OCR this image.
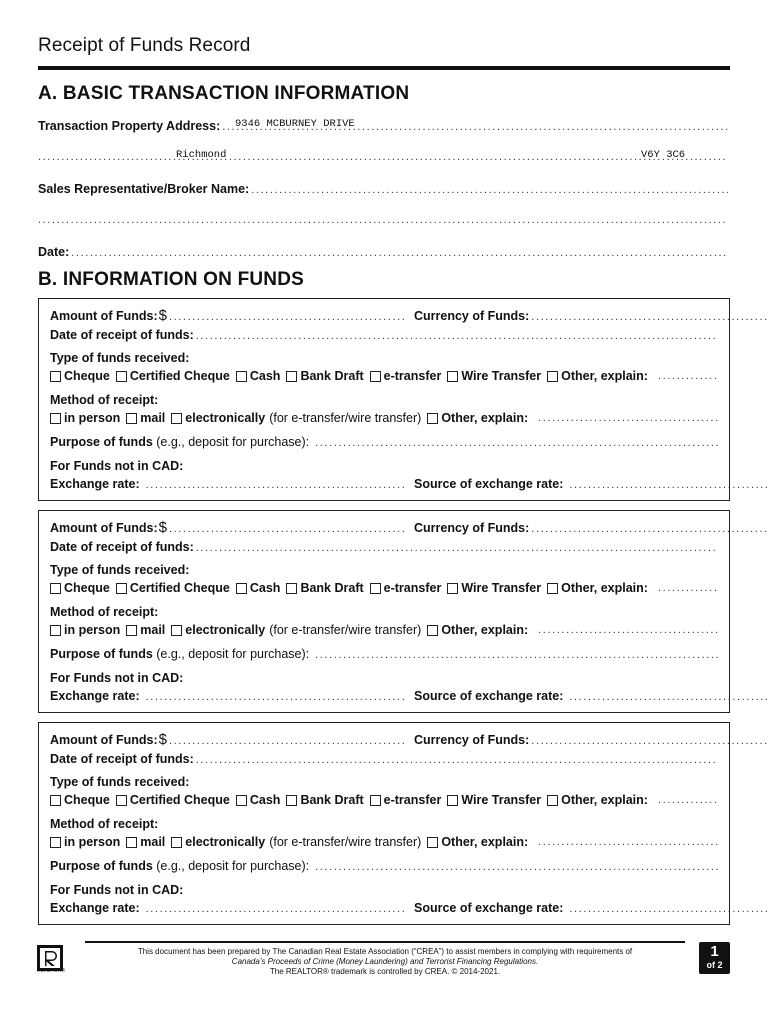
Receipt of Funds Record
A. BASIC TRANSACTION INFORMATION
Transaction Property Address: ..... 9346 MCBURNEY DRIVE
.....
Richmond	V6Y 3C6
Sales Representative/Broker Name:
.....
.....
Date:
.....
B. INFORMATION ON FUNDS
Amount of Funds: $ .....	Currency of Funds:
.....
Date of receipt of funds:
.....
Type of funds received:
Cheque Certified Cheque Cash Bank Draft e-transfer Wire Transfer Other, explain:
.....
Method of receipt:
in person mail electronically (for e-transfer/wire transfer) Other, explain:
.....
Purpose of funds
(e.g., deposit for purchase):
.....
For Funds not in CAD:
Exchange rate: .....	Source of exchange rate:
.....
Amount of Funds: $ .....	Currency of Funds:
.....
Date of receipt of funds:
.....
Type of funds received:
Cheque Certified Cheque Cash Bank Draft e-transfer Wire Transfer Other, explain:
.....
Method of receipt:
in person mail electronically (for e-transfer/wire transfer) Other, explain:
.....
Purpose of funds
(e.g., deposit for purchase):
.....
For Funds not in CAD:
Exchange rate: .....	Source of exchange rate:
.....
Amount of Funds: $ .....	Currency of Funds:
.....
Date of receipt of funds:
.....
Type of funds received:
Cheque Certified Cheque Cash Bank Draft e-transfer Wire Transfer Other, explain:
.....
Method of receipt:
in person mail electronically (for e-transfer/wire transfer) Other, explain:
.....
Purpose of funds
(e.g., deposit for purchase):
.....
For Funds not in CAD:
Exchange rate: .....	Source of exchange rate:
.....
REALTOR®
This document has been prepared by The Canadian Real Estate Association (“CREA”) to assist members in complying with requirements of
Canada’s Proceeds of Crime (Money Laundering) and Terrorist Financing Regulations.
The REALTOR® trademark is controlled by CREA. © 2014-2021.
1
of 2
